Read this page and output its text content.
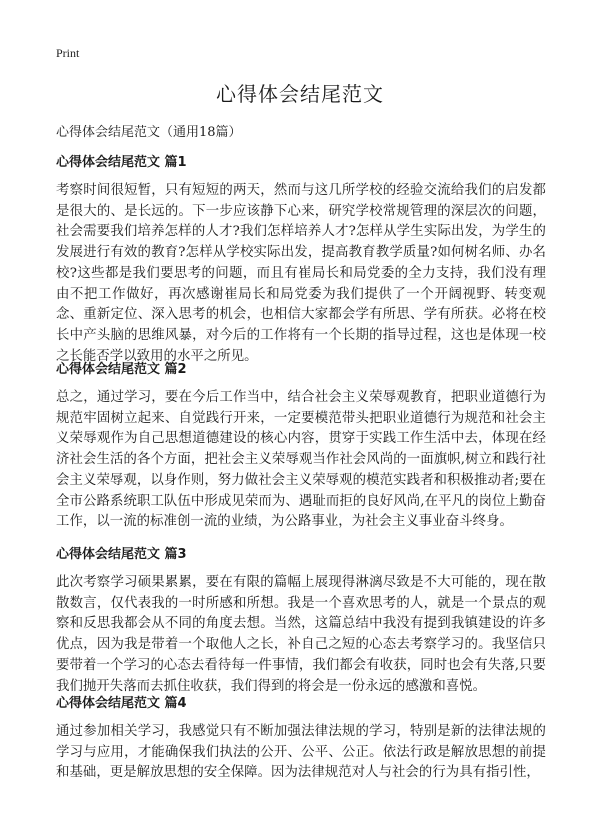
Print
心得体会结尾范文

心得体会结尾范文（通用18篇）

心得体会结尾范文 篇1

考察时间很短暂，只有短短的两天，然而与这几所学校的经验交流给我们的启发都是很大的、是长远的。下一步应该静下心来，研究学校常规管理的深层次的问题，社会需要我们培养怎样的人才?我们怎样培养人才?怎样从学生实际出发，为学生的发展进行有效的教育?怎样从学校实际出发，提高教育教学质量?如何树名师、办名校?这些都是我们要思考的问题，而且有崔局长和局党委的全力支持，我们没有理由不把工作做好，再次感谢崔局长和局党委为我们提供了一个开阔视野、转变观念、重新定位、深入思考的机会，也相信大家都会学有所思、学有所获。必将在校长中产头脑的思维风暴，对今后的工作将有一个长期的指导过程，这也是体现一校之长能否学以致用的水平之所见。

心得体会结尾范文 篇2

总之，通过学习，要在今后工作当中，结合社会主义荣辱观教育，把职业道德行为规范牢固树立起来、自觉践行开来，一定要模范带头把职业道德行为规范和社会主义荣辱观作为自己思想道德建设的核心内容，贯穿于实践工作生活中去，体现在经济社会生活的各个方面，把社会主义荣辱观当作社会风尚的一面旗帜,树立和践行社会主义荣辱观，以身作则，努力做社会主义荣辱观的模范实践者和积极推动者;要在全市公路系统职工队伍中形成见荣而为、遇耻而拒的良好风尚,在平凡的岗位上勤奋工作，以一流的标准创一流的业绩，为公路事业，为社会主义事业奋斗终身。

心得体会结尾范文 篇3

此次考察学习硕果累累，要在有限的篇幅上展现得淋漓尽致是不大可能的，现在散散数言，仅代表我的一时所感和所想。我是一个喜欢思考的人，就是一个景点的观察和反思我都会从不同的角度去想。当然，这篇总结中我没有提到我镇建设的许多优点，因为我是带着一个取他人之长，补自己之短的心态去考察学习的。我坚信只要带着一个学习的心态去看待每一件事情，我们都会有收获，同时也会有失落,只要我们抛开失落而去抓住收获，我们得到的将会是一份永远的感激和喜悦。

心得体会结尾范文 篇4

通过参加相关学习，我感觉只有不断加强法律法规的学习，特别是新的法律法规的学习与应用，才能确保我们执法的公开、公平、公正。依法行政是解放思想的前提和基础，更是解放思想的安全保障。因为法律规范对人与社会的行为具有指引性，
